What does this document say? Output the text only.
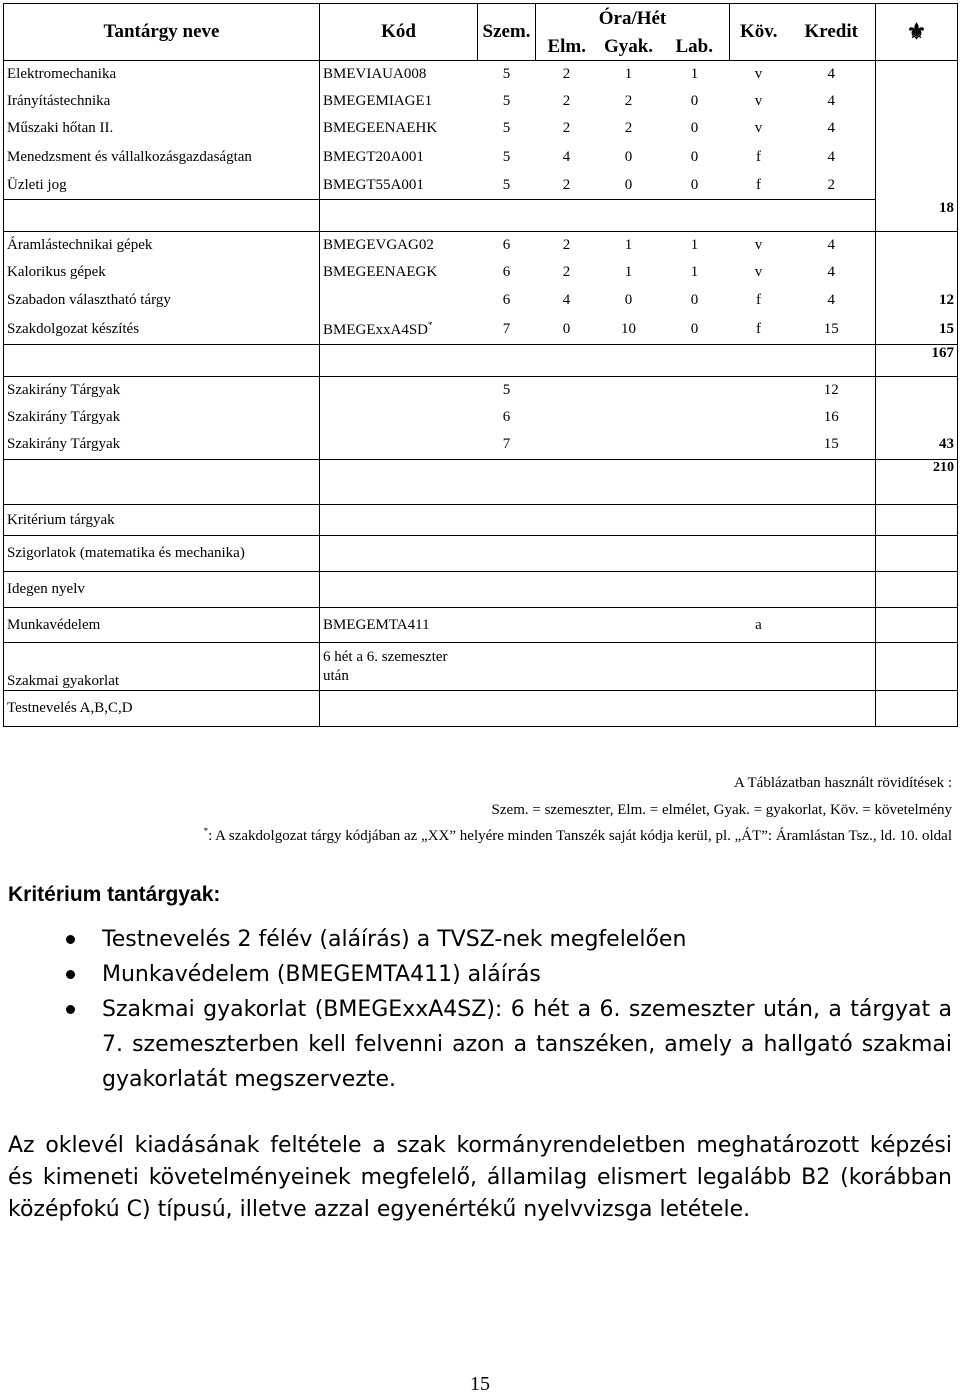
Tantárgy neve	Kód	Szem.	Óra/Hét			Köv.	Kredit	⚜
			Elm.	Gyak.	Lab.			
Elektromechanika	BMEVIAUA008	5	2	1	1	v	4	
Irányítástechnika	BMEGEMIAGE1	5	2	2	0	v	4	
Műszaki hőtan II.	BMEGEENAEHK	5	2	2	0	v	4	
Menedzsment és vállalkozásgazdaságtan	BMEGT20A001	5	4	0	0	f	4	
Üzleti jog	BMEGT55A001	5	2	0	0	f	2	
								18
Áramlástechnikai gépek	BMEGEVGAG02	6	2	1	1	v	4	
Kalorikus gépek	BMEGEENAEGK	6	2	1	1	v	4	
Szabadon választható tárgy		6	4	0	0	f	4	12
Szakdolgozat készítés	BMEGExxA4SD*	7	0	10	0	f	15	15
								167
Szakirány Tárgyak		5					12	
Szakirány Tárgyak		6					16	
Szakirány Tárgyak		7					15	43
								210
Kritérium tárgyak								
Szigorlatok (matematika és mechanika)								
Idegen nyelv								
Munkavédelem	BMEGEMTA411					a		
Szakmai gyakorlat	6 hét a 6. szemeszter után							
Testnevelés A,B,C,D								
A Táblázatban használt rövidítések :
Szem. = szemeszter, Elm. = elmélet, Gyak. = gyakorlat, Köv. = követelmény
*: A szakdolgozat tárgy kódjában az „XX” helyére minden Tanszék saját kódja kerül, pl. „ÁT”: Áramlástan Tsz., ld. 10. oldal
Kritérium tantárgyak:
Testnevelés 2 félév (aláírás) a TVSZ-nek megfelelően
Munkavédelem (BMEGEMTA411) aláírás
Szakmai gyakorlat (BMEGExxA4SZ): 6 hét a 6. szemeszter után, a tárgyat a 7. szemeszterben kell felvenni azon a tanszéken, amely a hallgató szakmai gyakorlatát megszervezte.

Az oklevél kiadásának feltétele a szak kormányrendeletben meghatározott képzési és kimeneti követelményeinek megfelelő, államilag elismert legalább B2 (korábban középfokú C) típusú, illetve azzal egyenértékű nyelvvizsga letétele.

15
